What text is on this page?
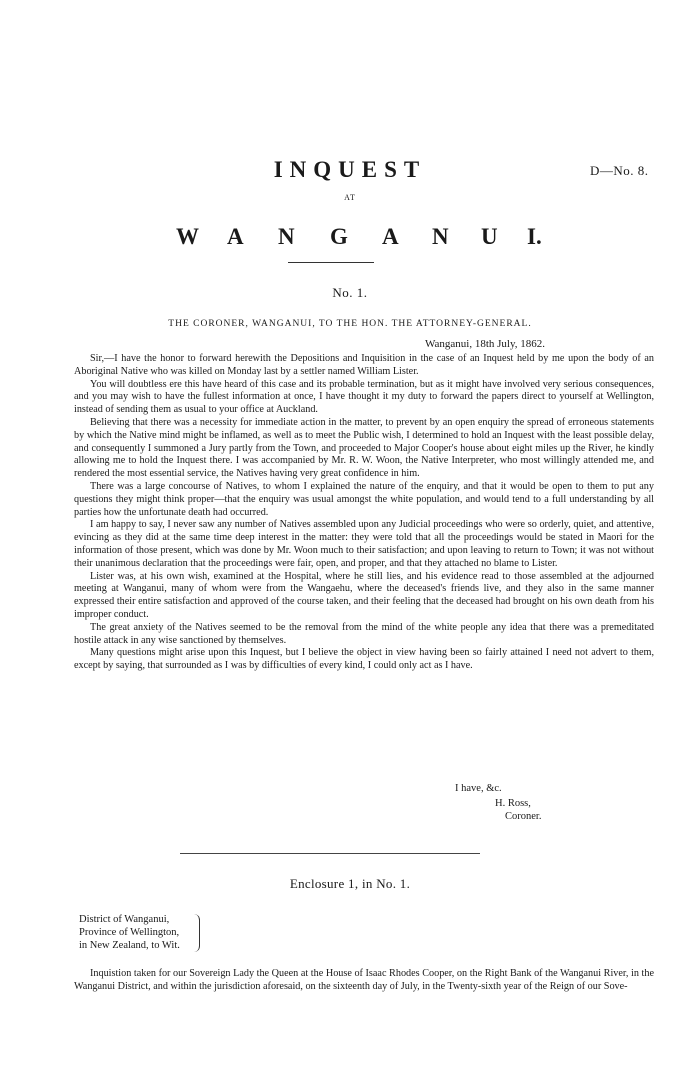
INQUEST	D—No. 8.
AT
W A N G A N U I.
No. 1.
THE CORONER, WANGANUI, TO THE HON. THE ATTORNEY-GENERAL.
Wanganui, 18th July, 1862.

Sir,—I have the honor to forward herewith the Depositions and Inquisition in the case of an Inquest held by me upon the body of an Aboriginal Native who was killed on Monday last by a settler named William Lister.

You will doubtless ere this have heard of this case and its probable termination, but as it might have involved very serious consequences, and you may wish to have the fullest information at once, I have thought it my duty to forward the papers direct to yourself at Wellington, instead of sending them as usual to your office at Auckland.

Believing that there was a necessity for immediate action in the matter, to prevent by an open enquiry the spread of erroneous statements by which the Native mind might be inflamed, as well as to meet the Public wish, I determined to hold an Inquest with the least possible delay, and consequently I summoned a Jury partly from the Town, and proceeded to Major Cooper's house about eight miles up the River, he kindly allowing me to hold the Inquest there. I was accompanied by Mr. R. W. Woon, the Native Interpreter, who most willingly attended me, and rendered the most essential service, the Natives having very great confidence in him.

There was a large concourse of Natives, to whom I explained the nature of the enquiry, and that it would be open to them to put any questions they might think proper—that the enquiry was usual amongst the white population, and would tend to a full understanding by all parties how the unfortunate death had occurred.

I am happy to say, I never saw any number of Natives assembled upon any Judicial proceedings who were so orderly, quiet, and attentive, evincing as they did at the same time deep interest in the matter: they were told that all the proceedings would be stated in Maori for the information of those present, which was done by Mr. Woon much to their satisfaction; and upon leaving to return to Town; it was not without their unanimous declaration that the proceedings were fair, open, and proper, and that they attached no blame to Lister.

Lister was, at his own wish, examined at the Hospital, where he still lies, and his evidence read to those assembled at the adjourned meeting at Wanganui, many of whom were from the Wangaehu, where the deceased's friends live, and they also in the same manner expressed their entire satisfaction and approved of the course taken, and their feeling that the deceased had brought on his own death from his improper conduct.

The great anxiety of the Natives seemed to be the removal from the mind of the white people any idea that there was a premeditated hostile attack in any wise sanctioned by themselves.

Many questions might arise upon this Inquest, but I believe the object in view having been so fairly attained I need not advert to them, except by saying, that surrounded as I was by difficulties of every kind, I could only act as I have.

I have, &c.
H. Ross,
Coroner.
Enclosure 1, in No. 1.
District of Wanganui,
Province of Wellington,
in New Zealand, to Wit.

Inquistion taken for our Sovereign Lady the Queen at the House of Isaac Rhodes Cooper, on the Right Bank of the Wanganui River, in the Wanganui District, and within the jurisdiction aforesaid, on the sixteenth day of July, in the Twenty-sixth year of the Reign of our Sove-
